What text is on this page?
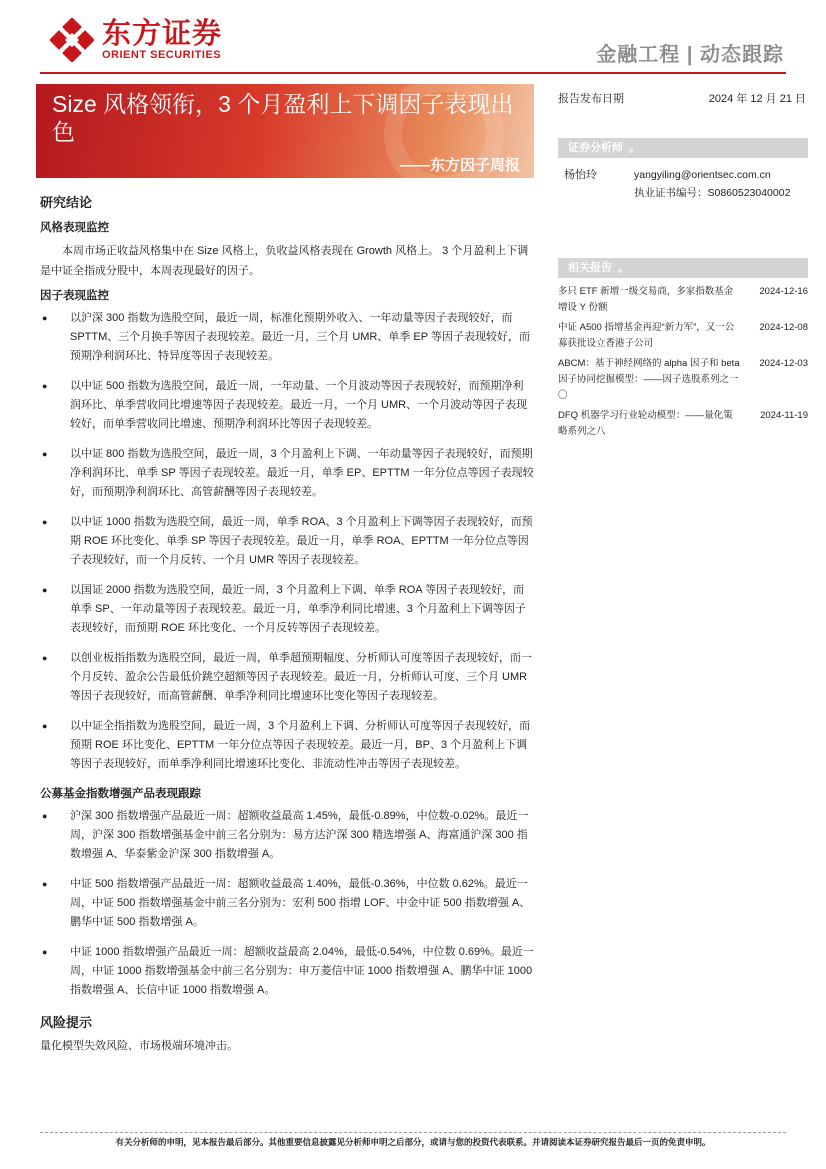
东方证券
ORIENT SECURITIES	金融工程 | 动态跟踪
Size 风格领衔，3 个月盈利上下调因子表现出色
——东方因子周报
报告发布日期	2024 年 12 月 21 日
证券分析师 。
杨怡玲	yangyiling@orientsec.com.cn
执业证书编号：S0860523040002
相关报告 。
多只 ETF 新增一级交易商，多家指数基金增设 Y 份额
2024-12-16
中证 A500 指增基金再迎“新力军”，又一公募获批设立香港子公司
2024-12-08
ABCM：基于神经网络的 alpha 因子和 beta 因子协同挖掘模型：——因子选股系列之一〇
2024-12-03
DFQ 机器学习行业轮动模型：——量化策略系列之八
2024-11-19
研究结论
风格表现监控

本周市场正收益风格集中在 Size 风格上，负收益风格表现在 Growth 风格上。 3 个月盈利上下调是中证全指成分股中，本周表现最好的因子。

因子表现监控
● 以沪深 300 指数为选股空间，最近一周，标准化预期外收入、一年动量等因子表现较好，而 SPTTM、三个月换手等因子表现较差。最近一月，三个月 UMR、单季 EP 等因子表现较好，而预期净利润环比、特异度等因子表现较差。
● 以中证 500 指数为选股空间，最近一周，一年动量、一个月波动等因子表现较好，而预期净利润环比、单季营收同比增速等因子表现较差。最近一月，一个月 UMR、一个月波动等因子表现较好，而单季营收同比增速、预期净利润环比等因子表现较差。
● 以中证 800 指数为选股空间，最近一周，3 个月盈利上下调、一年动量等因子表现较好，而预期净利润环比、单季 SP 等因子表现较差。最近一月，单季 EP、EPTTM 一年分位点等因子表现较好，而预期净利润环比、高管薪酬等因子表现较差。
● 以中证 1000 指数为选股空间，最近一周，单季 ROA、3 个月盈利上下调等因子表现较好，而预期 ROE 环比变化、单季 SP 等因子表现较差。最近一月，单季 ROA、EPTTM 一年分位点等因子表现较好，而一个月反转、一个月 UMR 等因子表现较差。
● 以国证 2000 指数为选股空间，最近一周，3 个月盈利上下调、单季 ROA 等因子表现较好，而单季 SP、一年动量等因子表现较差。最近一月，单季净利同比增速、3 个月盈利上下调等因子表现较好，而预期 ROE 环比变化、一个月反转等因子表现较差。
● 以创业板指指数为选股空间，最近一周，单季超预期幅度、分析师认可度等因子表现较好，而一个月反转、盈余公告最低价跳空超额等因子表现较差。最近一月，分析师认可度、三个月 UMR 等因子表现较好，而高管薪酬、单季净利同比增速环比变化等因子表现较差。
● 以中证全指指数为选股空间，最近一周，3 个月盈利上下调、分析师认可度等因子表现较好，而预期 ROE 环比变化、EPTTM 一年分位点等因子表现较差。最近一月，BP、3 个月盈利上下调等因子表现较好，而单季净利同比增速环比变化、非流动性冲击等因子表现较差。
公募基金指数增强产品表现跟踪
● 沪深 300 指数增强产品最近一周：超额收益最高 1.45%，最低-0.89%，中位数-0.02%。最近一周，沪深 300 指数增强基金中前三名分别为：易方达沪深 300 精选增强 A、海富通沪深 300 指数增强 A、华泰紫金沪深 300 指数增强 A。
● 中证 500 指数增强产品最近一周：超额收益最高 1.40%，最低-0.36%，中位数 0.62%。最近一周，中证 500 指数增强基金中前三名分别为：宏利 500 指增 LOF、中金中证 500 指数增强 A、鹏华中证 500 指数增强 A。
● 中证 1000 指数增强产品最近一周：超额收益最高 2.04%，最低-0.54%，中位数 0.69%。最近一周，中证 1000 指数增强基金中前三名分别为：申万菱信中证 1000 指数增强 A、鹏华中证 1000 指数增强 A、长信中证 1000 指数增强 A。
风险提示
量化模型失效风险、市场极端环境冲击。
有关分析师的申明，见本报告最后部分。其他重要信息披露见分析师申明之后部分，或请与您的投资代表联系。并请阅读本证券研究报告最后一页的免责申明。
